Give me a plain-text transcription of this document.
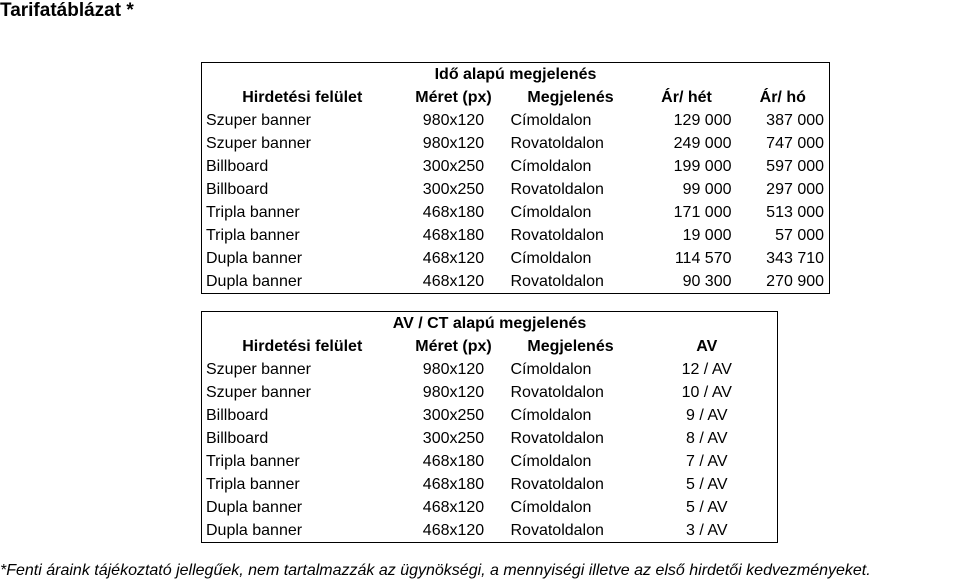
Tarifatáblázat *
Idő alapú megjelenés				
Hirdetési felület	Méret (px)	Megjelenés	Ár/ hét	Ár/ hó
Szuper banner	980x120	Címoldalon	129 000	387 000
Szuper banner	980x120	Rovatoldalon	249 000	747 000
Billboard	300x250	Címoldalon	199 000	597 000
Billboard	300x250	Rovatoldalon	99 000	297 000
Tripla banner	468x180	Címoldalon	171 000	513 000
Tripla banner	468x180	Rovatoldalon	19 000	57 000
Dupla banner	468x120	Címoldalon	114 570	343 710
Dupla banner	468x120	Rovatoldalon	90 300	270 900
AV / CT alapú megjelenés			
Hirdetési felület	Méret (px)	Megjelenés	AV
Szuper banner	980x120	Címoldalon	12 / AV
Szuper banner	980x120	Rovatoldalon	10 / AV
Billboard	300x250	Címoldalon	9 / AV
Billboard	300x250	Rovatoldalon	8 / AV
Tripla banner	468x180	Címoldalon	7 / AV
Tripla banner	468x180	Rovatoldalon	5 / AV
Dupla banner	468x120	Címoldalon	5 / AV
Dupla banner	468x120	Rovatoldalon	3 / AV
*Fenti áraink tájékoztató jellegűek, nem tartalmazzák az ügynökségi, a mennyiségi illetve az első hirdetői kedvezményeket.
